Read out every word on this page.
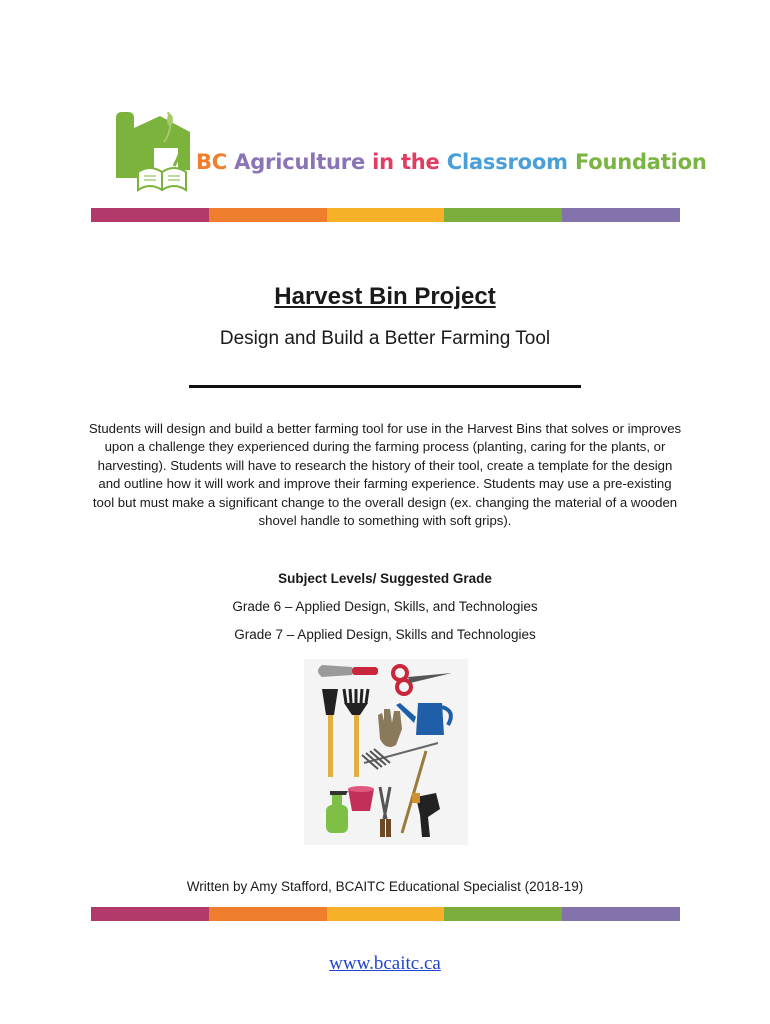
BC Agriculture in the Classroom Foundation
Harvest Bin Project
Design and Build a Better Farming Tool
Students will design and build a better farming tool for use in the Harvest Bins that solves or improves upon a challenge they experienced during the farming process (planting, caring for the plants, or harvesting). Students will have to research the history of their tool, create a template for the design and outline how it will work and improve their farming experience. Students may use a pre-existing tool but must make a significant change to the overall design (ex. changing the material of a wooden shovel handle to something with soft grips).
Subject Levels/ Suggested Grade
Grade 6 – Applied Design, Skills, and Technologies
Grade 7 – Applied Design, Skills and Technologies
Written by Amy Stafford, BCAITC Educational Specialist (2018-19)
www.bcaitc.ca
